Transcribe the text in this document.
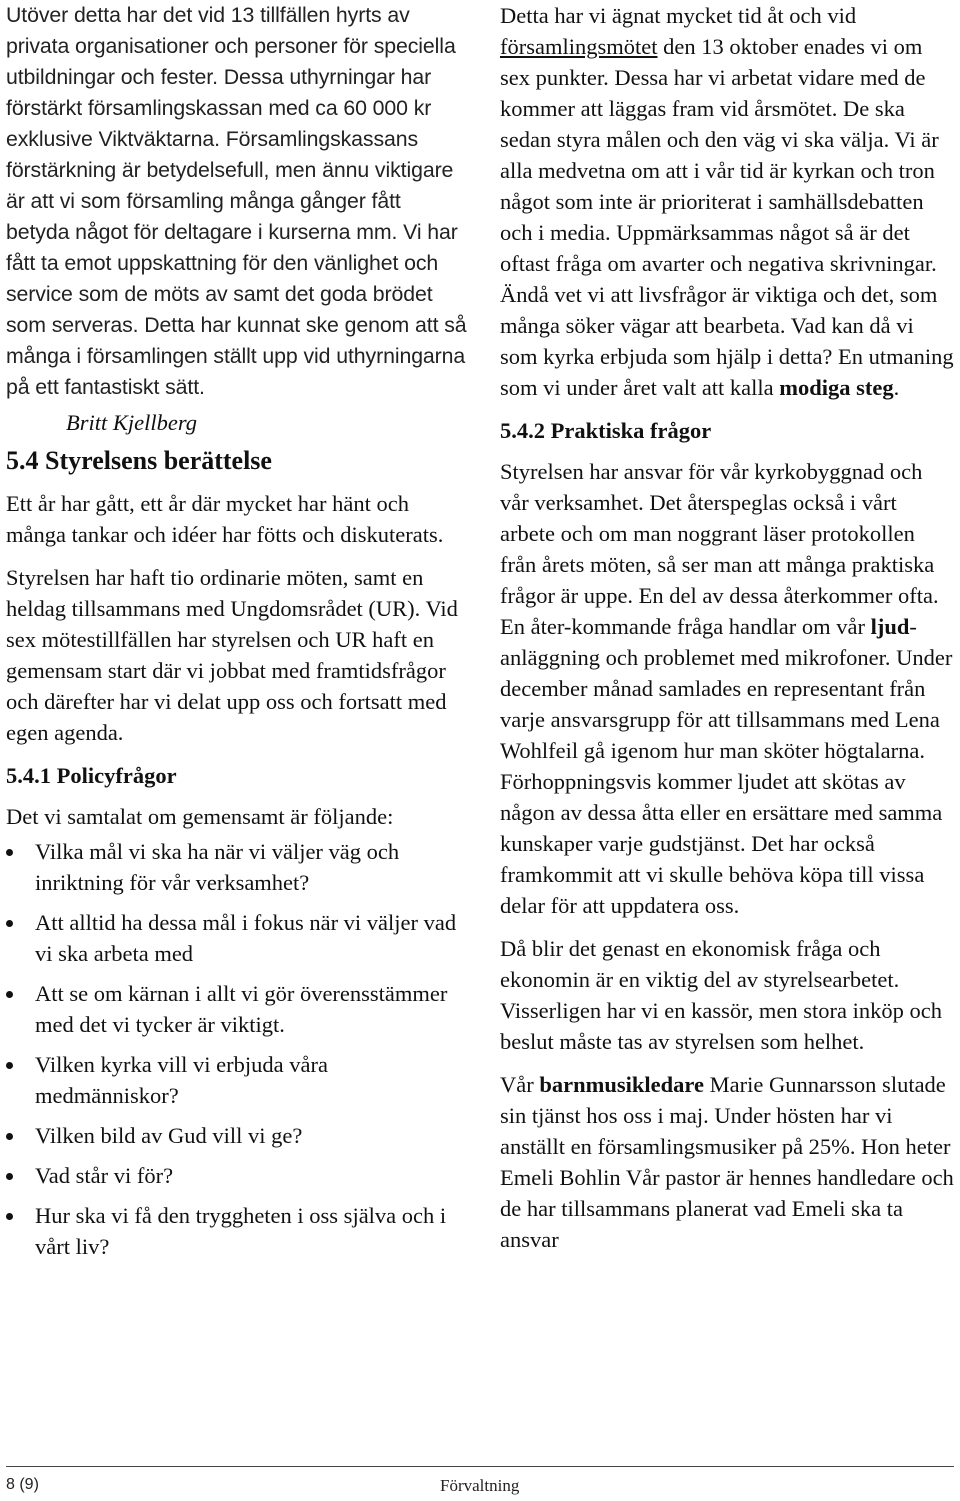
Utöver detta har det vid 13 tillfällen hyrts av privata organisationer och personer för speciella utbildningar och fester. Dessa uthyrningar har förstärkt församlingskassan med ca 60 000 kr exklusive Viktväktarna. Församlingskassans förstärkning är betydelsefull, men ännu viktigare är att vi som församling många gånger fått betyda något för deltagare i kurserna mm. Vi har fått ta emot uppskattning för den vänlighet och service som de möts av samt det goda brödet som serveras. Detta har kunnat ske genom att så många i församlingen ställt upp vid uthyrningarna på ett fantastiskt sätt.

Britt Kjellberg

5.4 Styrelsens berättelse

Ett år har gått, ett år där mycket har hänt och många tankar och idéer har fötts och diskuterats.

Styrelsen har haft tio ordinarie möten, samt en heldag tillsammans med Ungdomsrådet (UR). Vid sex mötestillfällen har styrelsen och UR haft en gemensam start där vi jobbat med framtidsfrågor och därefter har vi delat upp oss och fortsatt med egen agenda.

5.4.1 Policyfrågor

Det vi samtalat om gemensamt är följande:

Vilka mål vi ska ha när vi väljer väg och inriktning för vår verksamhet?
Att alltid ha dessa mål i fokus när vi väljer vad vi ska arbeta med
Att se om kärnan i allt vi gör överensstämmer med det vi tycker är viktigt.
Vilken kyrka vill vi erbjuda våra medmänniskor?
Vilken bild av Gud vill vi ge?
Vad står vi för?
Hur ska vi få den tryggheten i oss själva och i vårt liv?

Detta har vi ägnat mycket tid åt och vid församlingsmötet den 13 oktober enades vi om sex punkter. Dessa har vi arbetat vidare med de kommer att läggas fram vid årsmötet. De ska sedan styra målen och den väg vi ska välja. Vi är alla medvetna om att i vår tid är kyrkan och tron något som inte är prioriterat i samhällsdebatten och i media. Uppmärksammas något så är det oftast fråga om avarter och negativa skrivningar. Ändå vet vi att livsfrågor är viktiga och det, som många söker vägar att bearbeta. Vad kan då vi som kyrka erbjuda som hjälp i detta? En utmaning som vi under året valt att kalla modiga steg.

5.4.2 Praktiska frågor

Styrelsen har ansvar för vår kyrkobyggnad och vår verksamhet. Det återspeglas också i vårt arbete och om man noggrant läser protokollen från årets möten, så ser man att många praktiska frågor är uppe. En del av dessa återkommer ofta. En åter-kommande fråga handlar om vår ljud-anläggning och problemet med mikrofoner. Under december månad samlades en representant från varje ansvarsgrupp för att tillsammans med Lena Wohlfeil gå igenom hur man sköter högtalarna. Förhoppningsvis kommer ljudet att skötas av någon av dessa åtta eller en ersättare med samma kunskaper varje gudstjänst. Det har också framkommit att vi skulle behöva köpa till vissa delar för att uppdatera oss.

Då blir det genast en ekonomisk fråga och ekonomin är en viktig del av styrelsearbetet. Visserligen har vi en kassör, men stora inköp och beslut måste tas av styrelsen som helhet.

Vår barnmusikledare Marie Gunnarsson slutade sin tjänst hos oss i maj. Under hösten har vi anställt en församlingsmusiker på 25%. Hon heter Emeli Bohlin Vår pastor är hennes handledare och de har tillsammans planerat vad Emeli ska ta ansvar

8 (9)	Förvaltning
